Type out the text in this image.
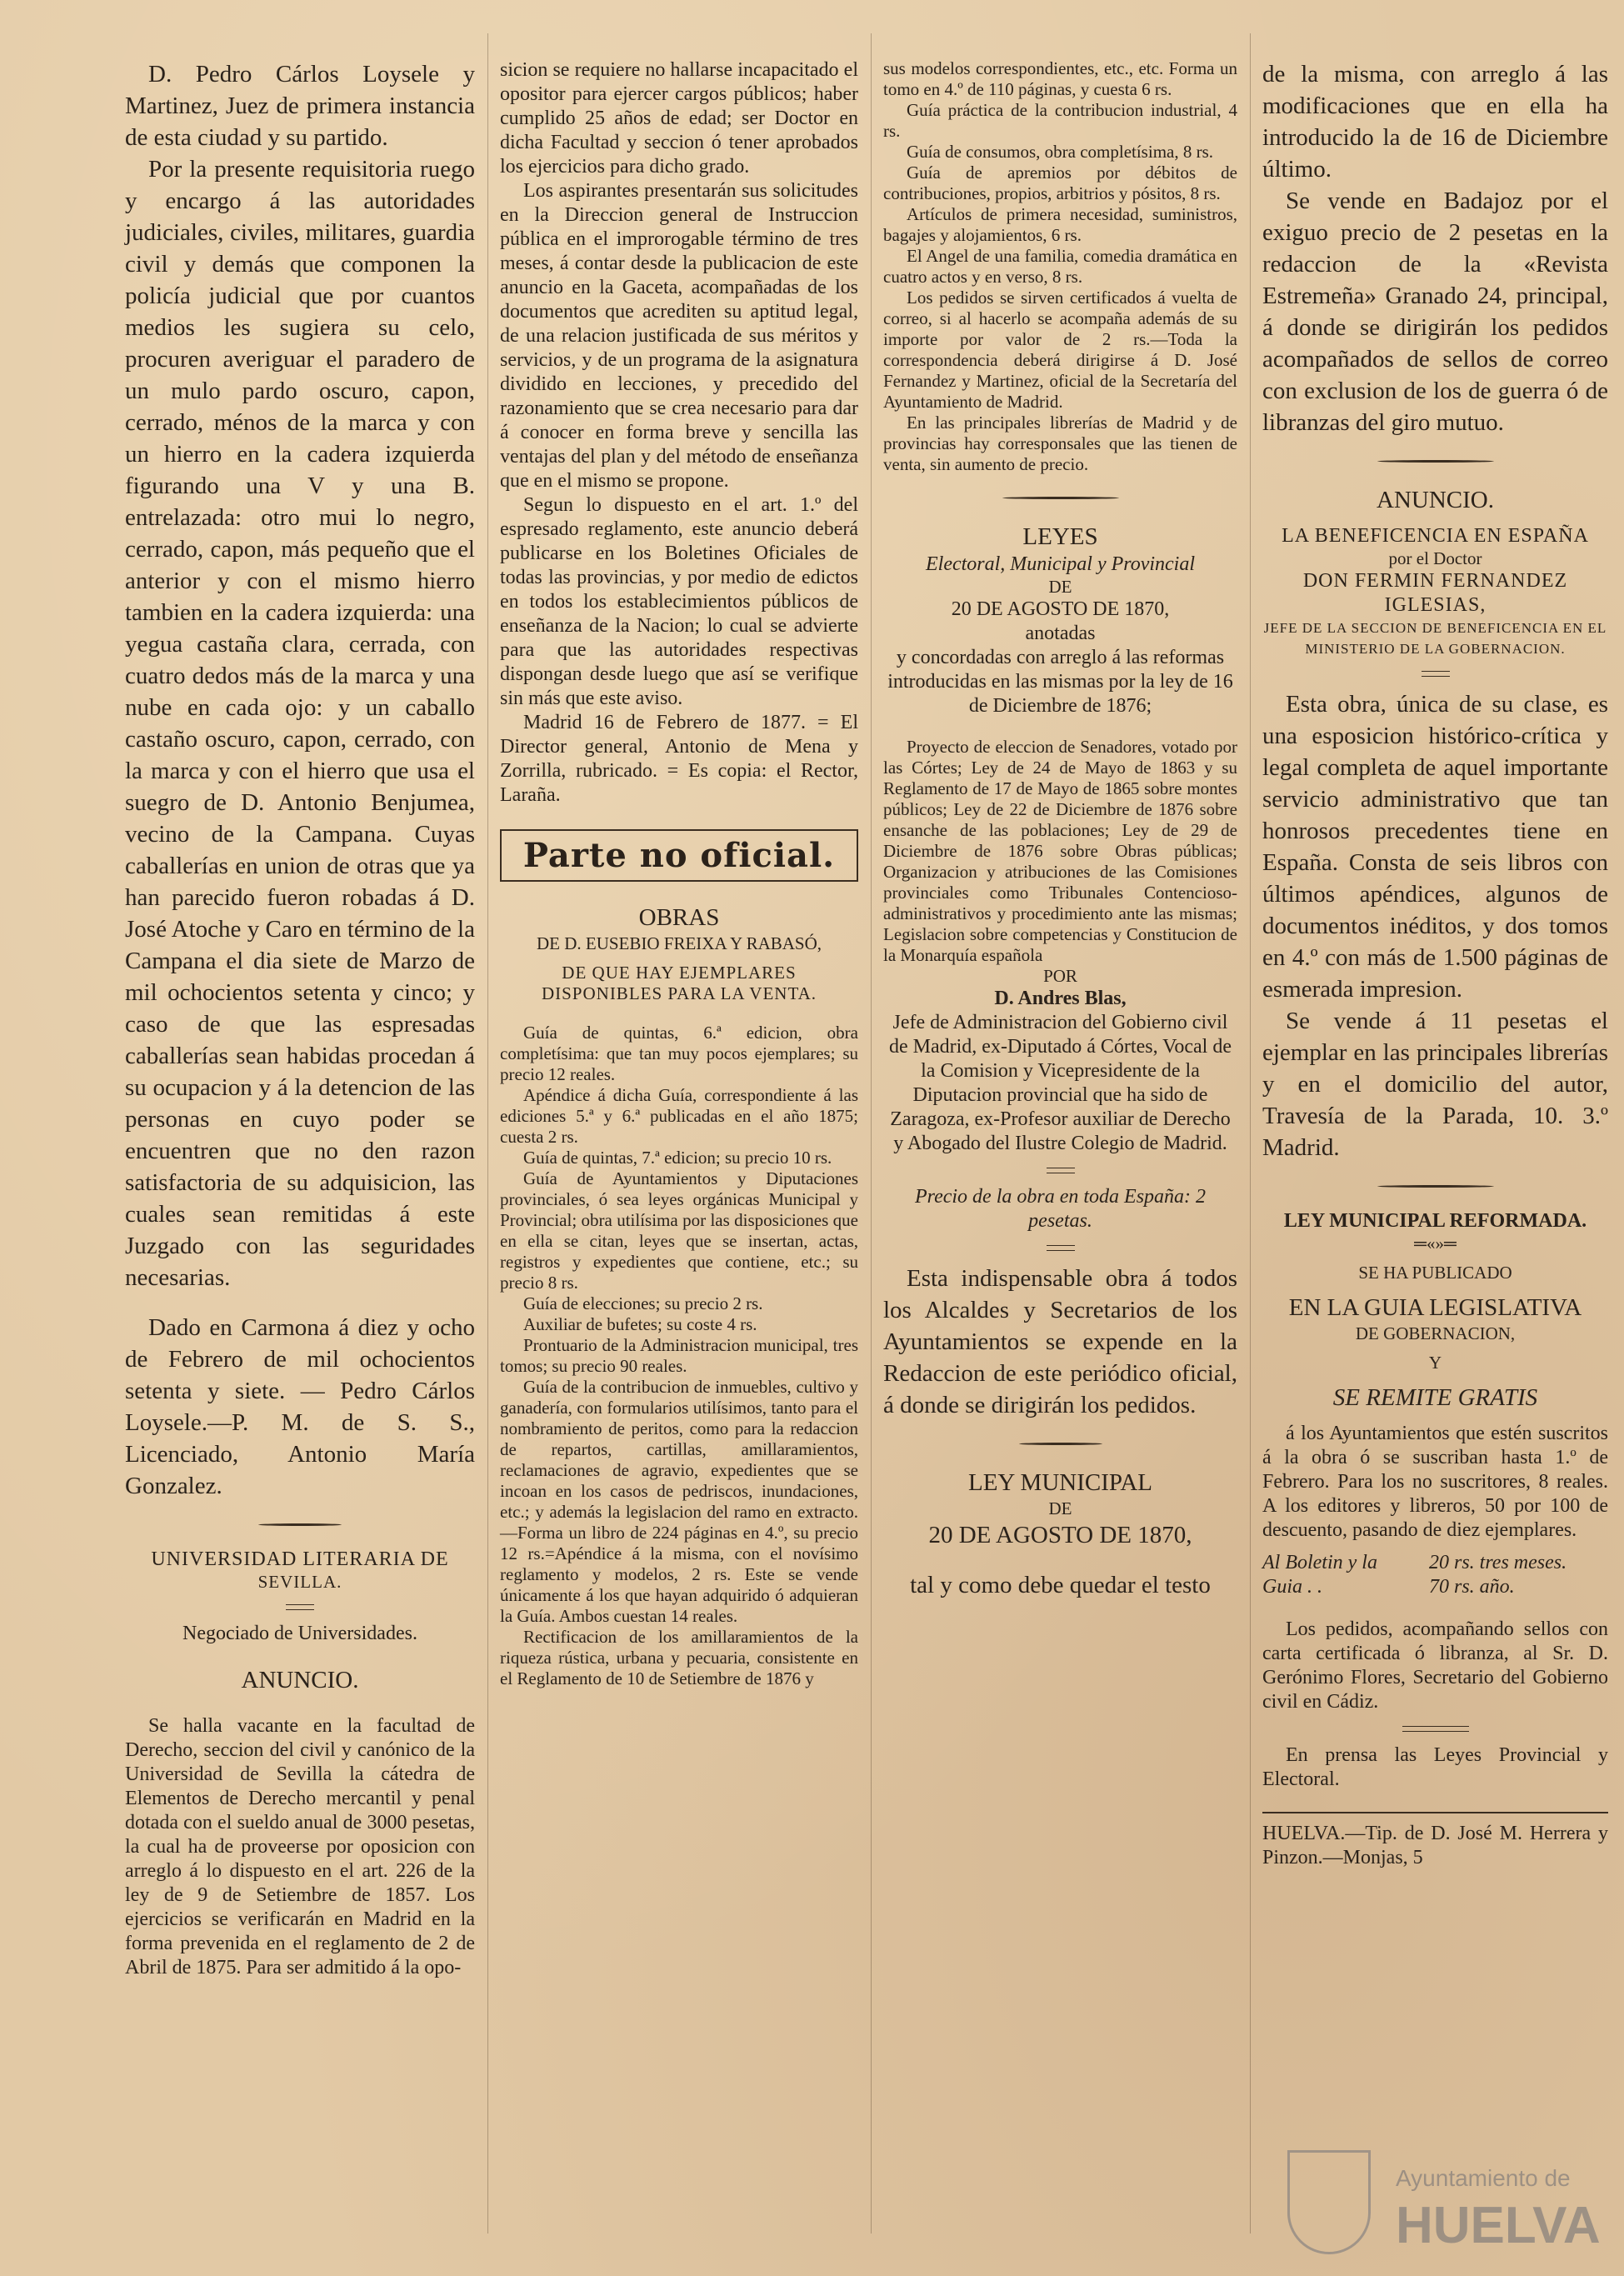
D. Pedro Cárlos Loysele y Martinez, Juez de primera instancia de esta ciudad y su partido.

Por la presente requisitoria ruego y encargo á las autoridades judiciales, civiles, militares, guardia civil y demás que componen la policía judicial que por cuantos medios les sugiera su celo, procuren averiguar el paradero de un mulo pardo oscuro, capon, cerrado, ménos de la marca y con un hierro en la cadera izquierda figurando una V y una B. entrelazada: otro mui lo negro, cerrado, capon, más pequeño que el anterior y con el mismo hierro tambien en la cadera izquierda: una yegua castaña clara, cerrada, con cuatro dedos más de la marca y una nube en cada ojo: y un caballo castaño oscuro, capon, cerrado, con la marca y con el hierro que usa el suegro de D. Antonio Benjumea, vecino de la Campana. Cuyas caballerías en union de otras que ya han parecido fueron robadas á D. José Atoche y Caro en término de la Campana el dia siete de Marzo de mil ochocientos setenta y cinco; y caso de que las espresadas caballerías sean habidas procedan á su ocupacion y á la detencion de las personas en cuyo poder se encuentren que no den razon satisfactoria de su adquisicion, las cuales sean remitidas á este Juzgado con las seguridades necesarias.

Dado en Carmona á diez y ocho de Febrero de mil ochocientos setenta y siete. — Pedro Cárlos Loysele.—P. M. de S. S., Licenciado, Antonio María Gonzalez.

UNIVERSIDAD LITERARIA DE

SEVILLA.

Negociado de Universidades.

ANUNCIO.

Se halla vacante en la facultad de Derecho, seccion del civil y canónico de la Universidad de Sevilla la cátedra de Elementos de Derecho mercantil y penal dotada con el sueldo anual de 3000 pesetas, la cual ha de proveerse por oposicion con arreglo á lo dispuesto en el art. 226 de la ley de 9 de Setiembre de 1857. Los ejercicios se verificarán en Madrid en la forma prevenida en el reglamento de 2 de Abril de 1875. Para ser admitido á la opo-

sicion se requiere no hallarse incapacitado el opositor para ejercer cargos públicos; haber cumplido 25 años de edad; ser Doctor en dicha Facultad y seccion ó tener aprobados los ejercicios para dicho grado.

Los aspirantes presentarán sus solicitudes en la Direccion general de Instruccion pública en el improrogable término de tres meses, á contar desde la publicacion de este anuncio en la Gaceta, acompañadas de los documentos que acrediten su aptitud legal, de una relacion justificada de sus méritos y servicios, y de un programa de la asignatura dividido en lecciones, y precedido del razonamiento que se crea necesario para dar á conocer en forma breve y sencilla las ventajas del plan y del método de enseñanza que en el mismo se propone.

Segun lo dispuesto en el art. 1.º del espresado reglamento, este anuncio deberá publicarse en los Boletines Oficiales de todas las provincias, y por medio de edictos en todos los establecimientos públicos de enseñanza de la Nacion; lo cual se advierte para que las autoridades respectivas dispongan desde luego que así se verifique sin más que este aviso.

Madrid 16 de Febrero de 1877. = El Director general, Antonio de Mena y Zorrilla, rubricado. = Es copia: el Rector, Laraña.

Parte no oficial.

OBRAS

DE D. EUSEBIO FREIXA Y RABASÓ,

DE QUE HAY EJEMPLARES DISPONIBLES PARA LA VENTA.

Guía de quintas, 6.ª edicion, obra completísima: que tan muy pocos ejemplares; su precio 12 reales.

Apéndice á dicha Guía, correspondiente á las ediciones 5.ª y 6.ª publicadas en el año 1875; cuesta 2 rs.

Guía de quintas, 7.ª edicion; su precio 10 rs.

Guía de Ayuntamientos y Diputaciones provinciales, ó sea leyes orgánicas Municipal y Provincial; obra utilísima por las disposiciones que en ella se citan, leyes que se insertan, actas, registros y expedientes que contiene, etc.; su precio 8 rs.

Guía de elecciones; su precio 2 rs.

Auxiliar de bufetes; su coste 4 rs.

Prontuario de la Administracion municipal, tres tomos; su precio 90 reales.

Guía de la contribucion de inmuebles, cultivo y ganadería, con formularios utilísimos, tanto para el nombramiento de peritos, como para la redaccion de repartos, cartillas, amillaramientos, reclamaciones de agravio, expedientes que se incoan en los casos de pedriscos, inundaciones, etc.; y además la legislacion del ramo en extracto.—Forma un libro de 224 páginas en 4.º, su precio 12 rs.=Apéndice á la misma, con el novísimo reglamento y modelos, 2 rs. Este se vende únicamente á los que hayan adquirido ó adquieran la Guía. Ambos cuestan 14 reales.

Rectificacion de los amillaramientos de la riqueza rústica, urbana y pecuaria, consistente en el Reglamento de 10 de Setiembre de 1876 y

sus modelos correspondientes, etc., etc. Forma un tomo en 4.º de 110 páginas, y cuesta 6 rs.

Guía práctica de la contribucion industrial, 4 rs.

Guía de consumos, obra completísima, 8 rs.

Guía de apremios por débitos de contribuciones, propios, arbitrios y pósitos, 8 rs.

Artículos de primera necesidad, suministros, bagajes y alojamientos, 6 rs.

El Angel de una familia, comedia dramática en cuatro actos y en verso, 8 rs.

Los pedidos se sirven certificados á vuelta de correo, si al hacerlo se acompaña además de su importe por valor de 2 rs.—Toda la correspondencia deberá dirigirse á D. José Fernandez y Martinez, oficial de la Secretaría del Ayuntamiento de Madrid.

En las principales librerías de Madrid y de provincias hay corresponsales que las tienen de venta, sin aumento de precio.

LEYES

Electoral, Municipal y Provincial

DE

20 DE AGOSTO DE 1870,

anotadas

y concordadas con arreglo á las reformas introducidas en las mismas por la ley de 16 de Diciembre de 1876;

Proyecto de eleccion de Senadores, votado por las Córtes; Ley de 24 de Mayo de 1863 y su Reglamento de 17 de Mayo de 1865 sobre montes públicos; Ley de 22 de Diciembre de 1876 sobre ensanche de las poblaciones; Ley de 29 de Diciembre de 1876 sobre Obras públicas; Organizacion y atribuciones de las Comisiones provinciales como Tribunales Contencioso-administrativos y procedimiento ante las mismas; Legislacion sobre competencias y Constitucion de la Monarquía española

POR

D. Andres Blas,

Jefe de Administracion del Gobierno civil de Madrid, ex-Diputado á Córtes, Vocal de la Comision y Vicepresidente de la Diputacion provincial que ha sido de Zaragoza, ex-Profesor auxiliar de Derecho y Abogado del Ilustre Colegio de Madrid.

Precio de la obra en toda España: 2 pesetas.

Esta indispensable obra á todos los Alcaldes y Secretarios de los Ayuntamientos se expende en la Redaccion de este periódico oficial, á donde se dirigirán los pedidos.

LEY MUNICIPAL

DE

20 DE AGOSTO DE 1870,

tal y como debe quedar el testo

de la misma, con arreglo á las modificaciones que en ella ha introducido la de 16 de Diciembre último.

Se vende en Badajoz por el exiguo precio de 2 pesetas en la redaccion de la «Revista Estremeña» Granado 24, principal, á donde se dirigirán los pedidos acompañados de sellos de correo con exclusion de los de guerra ó de libranzas del giro mutuo.

ANUNCIO.

LA BENEFICENCIA EN ESPAÑA

por el Doctor

DON FERMIN FERNANDEZ IGLESIAS,

JEFE DE LA SECCION DE BENEFICENCIA EN EL MINISTERIO DE LA GOBERNACION.

Esta obra, única de su clase, es una esposicion histórico-crítica y legal completa de aquel importante servicio administrativo que tan honrosos precedentes tiene en España. Consta de seis libros con últimos apéndices, algunos de documentos inéditos, y dos tomos en 4.º con más de 1.500 páginas de esmerada impresion.

Se vende á 11 pesetas el ejemplar en las principales librerías y en el domicilio del autor, Travesía de la Parada, 10. 3.º Madrid.

LEY MUNICIPAL REFORMADA.

═«»═

SE HA PUBLICADO

EN LA GUIA LEGISLATIVA

DE GOBERNACION,

Y

SE REMITE GRATIS

á los Ayuntamientos que estén suscritos á la obra ó se suscriban hasta 1.º de Febrero. Para los no suscritores, 8 reales. A los editores y libreros, 50 por 100 de descuento, pasando de diez ejemplares.

Al Boletin y la	20 rs. tres meses.
Guia . .	70 rs. año.

Los pedidos, acompañando sellos con carta certificada ó libranza, al Sr. D. Gerónimo Flores, Secretario del Gobierno civil en Cádiz.

En prensa las Leyes Provincial y Electoral.

HUELVA.—Tip. de D. José M. Herrera y Pinzon.—Monjas, 5

Ayuntamiento de
HUELVA
